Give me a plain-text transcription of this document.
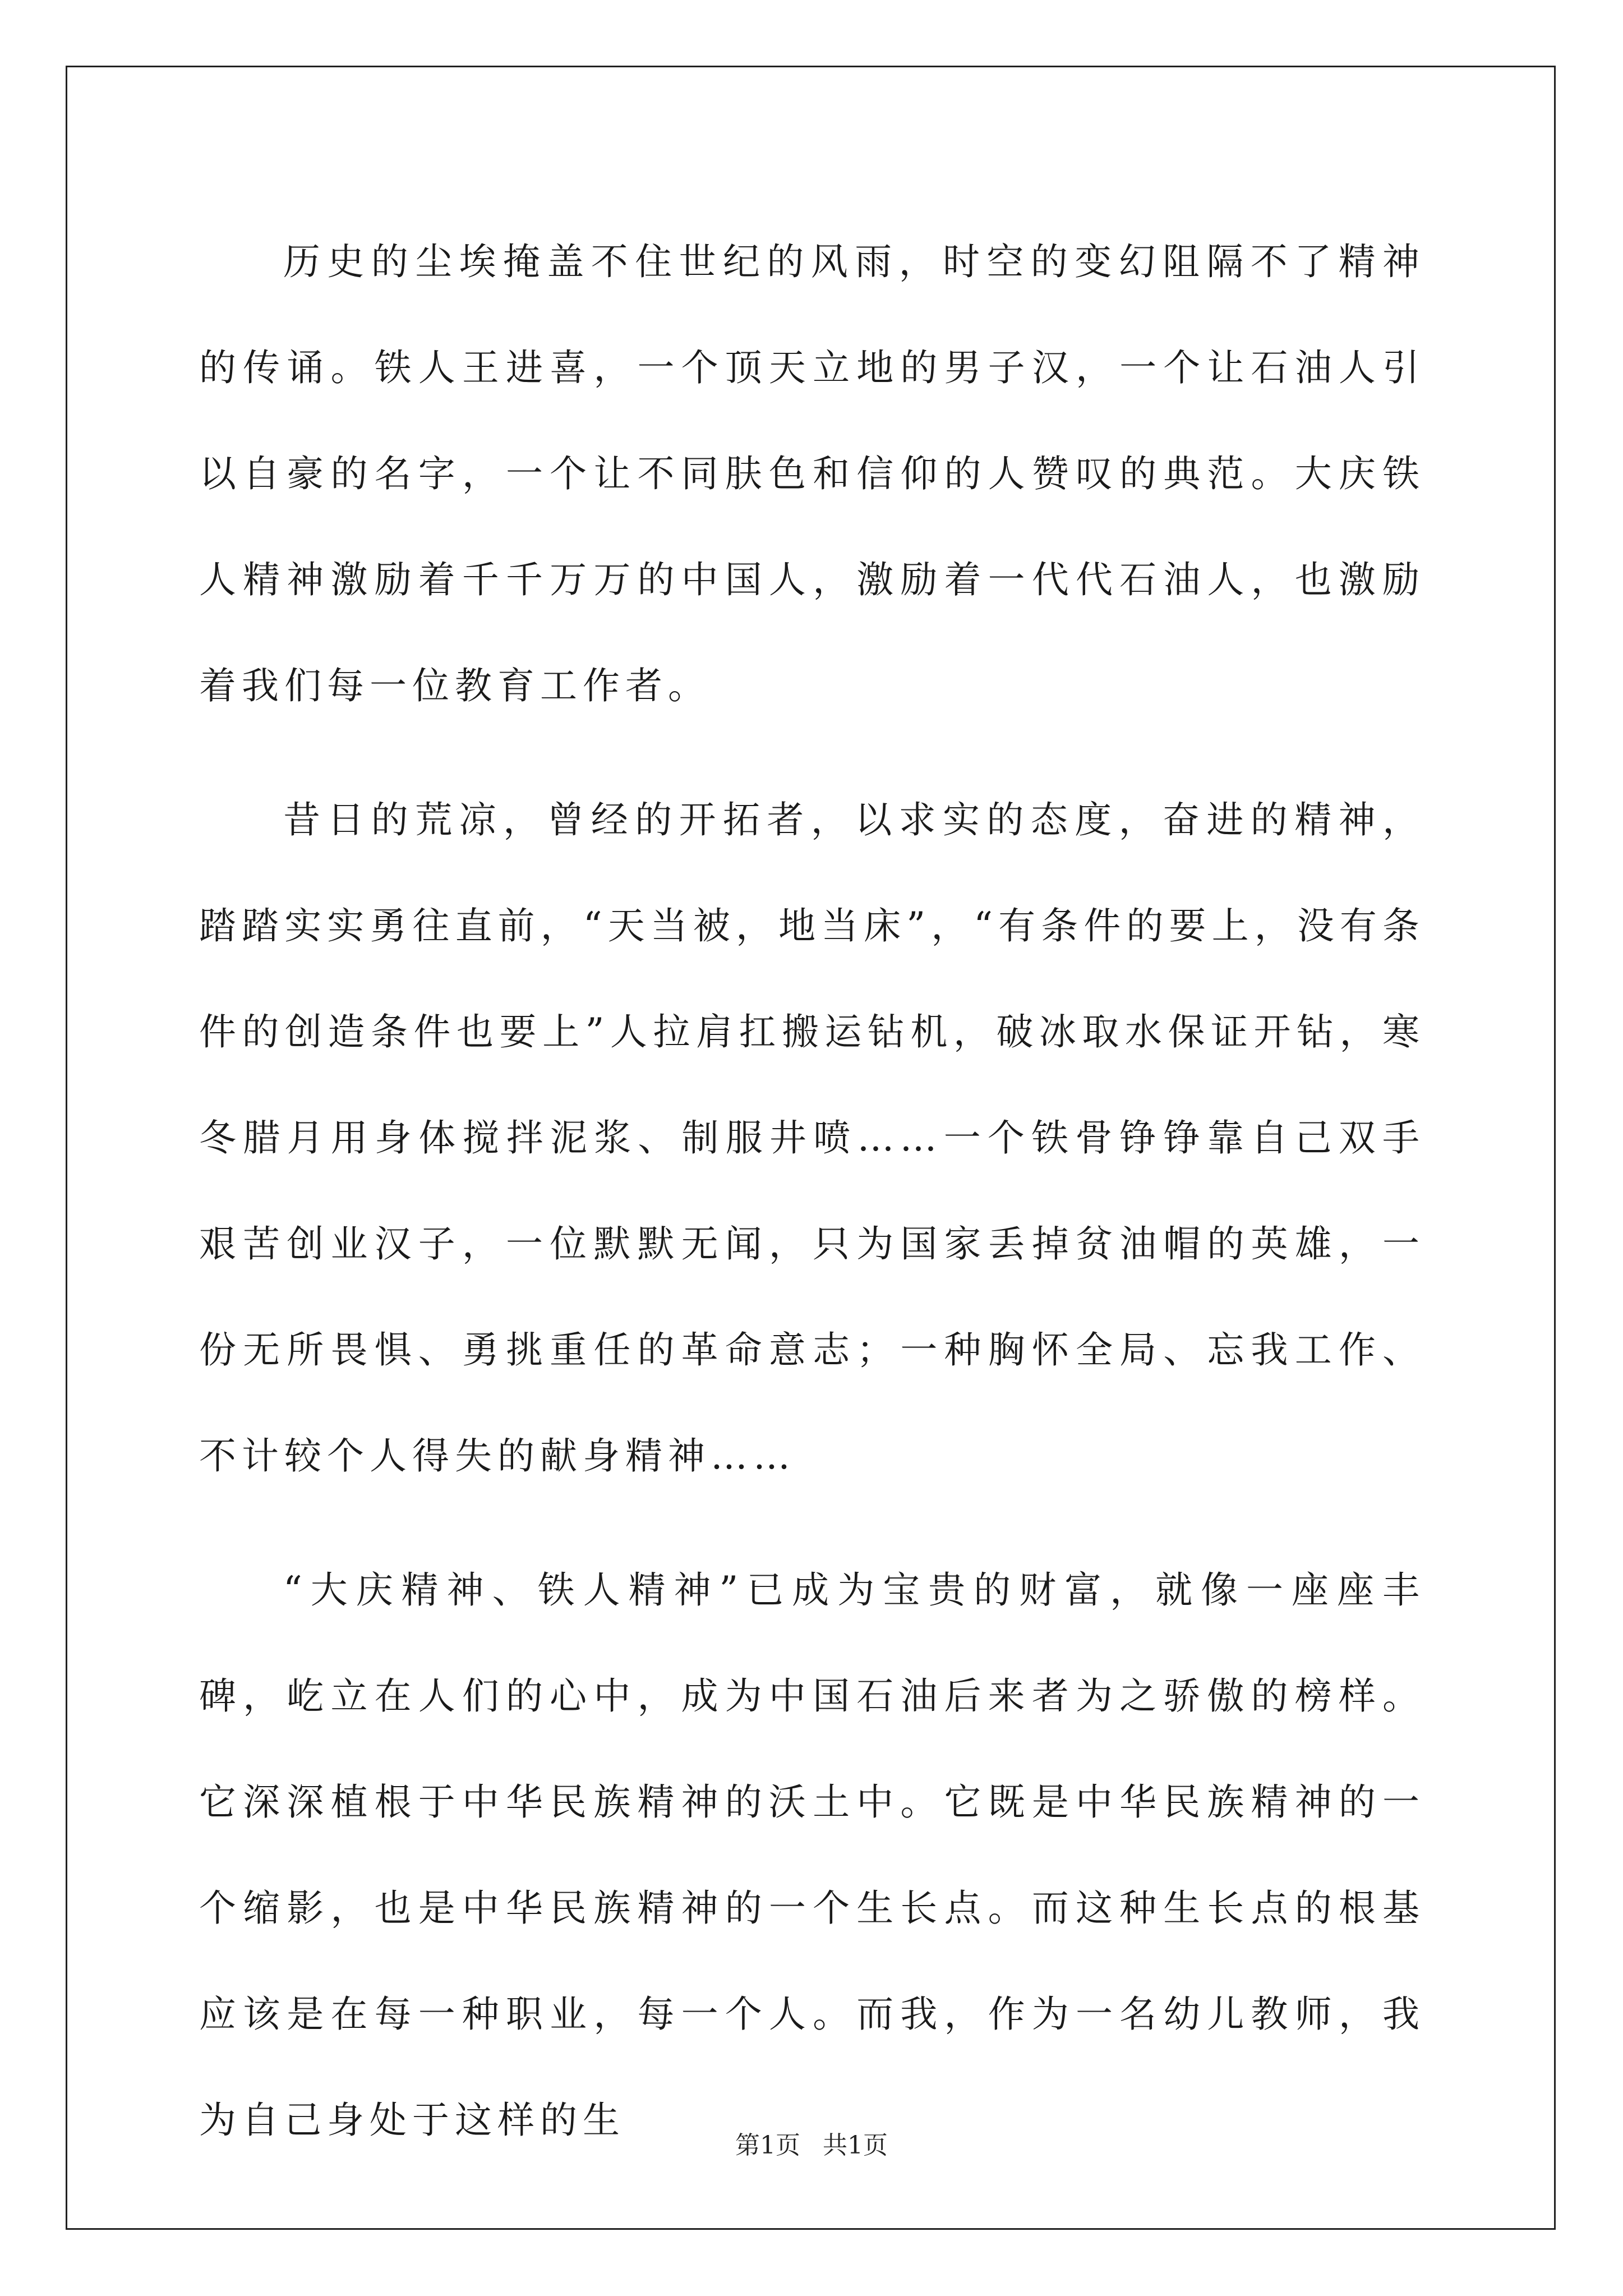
历史的尘埃掩盖不住世纪的风雨，时空的变幻阻隔不了精神的传诵。铁人王进喜，一个顶天立地的男子汉，一个让石油人引以自豪的名字，一个让不同肤色和信仰的人赞叹的典范。大庆铁人精神激励着千千万万的中国人，激励着一代代石油人，也激励着我们每一位教育工作者。

昔日的荒凉，曾经的开拓者，以求实的态度，奋进的精神，踏踏实实勇往直前，“天当被，地当床”，“有条件的要上，没有条件的创造条件也要上”人拉肩扛搬运钻机，破冰取水保证开钻，寒冬腊月用身体搅拌泥浆、制服井喷……一个铁骨铮铮靠自己双手艰苦创业汉子，一位默默无闻，只为国家丢掉贫油帽的英雄，一份无所畏惧、勇挑重任的革命意志；一种胸怀全局、忘我工作、不计较个人得失的献身精神……

“大庆精神、铁人精神”已成为宝贵的财富，就像一座座丰碑，屹立在人们的心中，成为中国石油后来者为之骄傲的榜样。它深深植根于中华民族精神的沃土中。它既是中华民族精神的一个缩影，也是中华民族精神的一个生长点。而这种生长点的根基应该是在每一种职业，每一个人。而我，作为一名幼儿教师，我为自己身处于这样的生

第1页 共1页
